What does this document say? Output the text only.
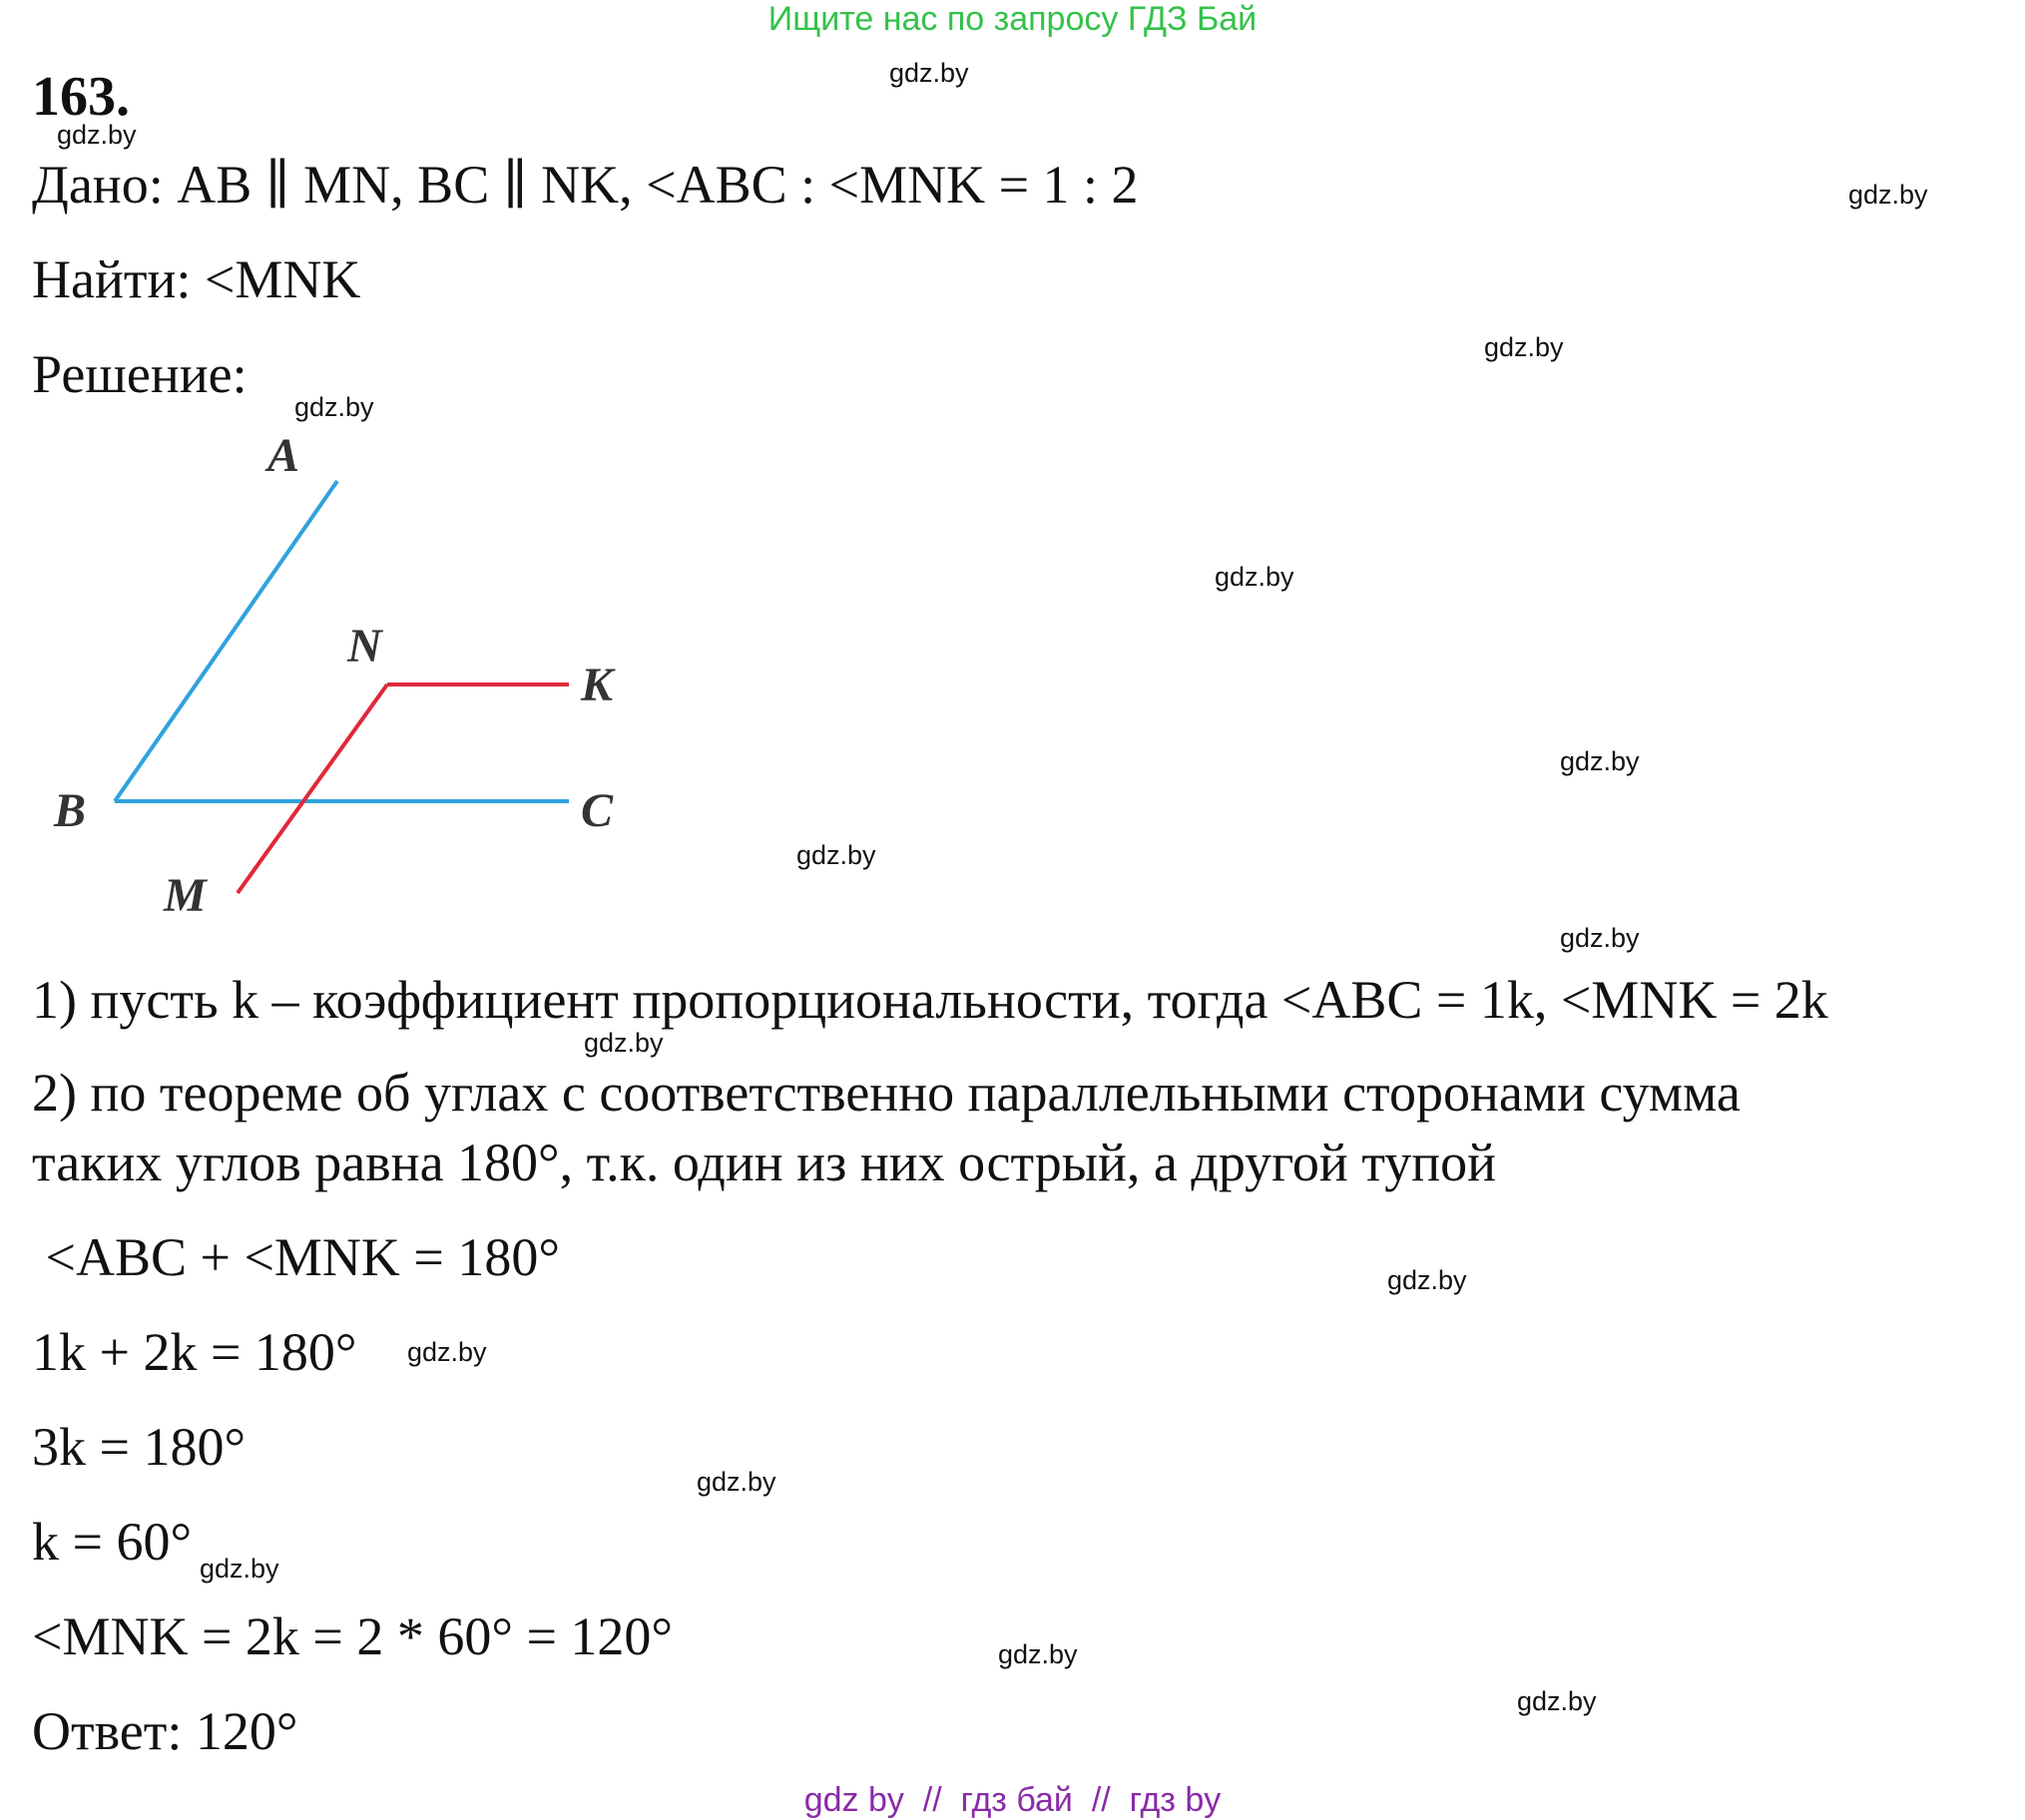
Ищите нас по запросу ГДЗ Бай
163.
Дано: AB ∥ MN, BC ∥ NK, <ABC : <MNK = 1 : 2
Найти: <MNK
Решение:
A
B	C
M
N
K
1) пусть k – коэффициент пропорциональности, тогда <ABC = 1k, <MNK = 2k
2) по теореме об углах с соответственно параллельными сторонами сумма
таких углов равна 180°, т.к. один из них острый, а другой тупой
<ABC + <MNK = 180°
1k + 2k = 180°
3k = 180°
k = 60°
<MNK = 2k = 2 * 60° = 120°
Ответ: 120°
gdz.by
gdz.by
gdz.by
gdz.by
gdz.by
gdz.by
gdz.by
gdz.by
gdz.by
gdz.by
gdz.by
gdz.by
gdz.by
gdz.by
gdz.by
gdz.by
gdz by  //  гдз бай  //  гдз by
